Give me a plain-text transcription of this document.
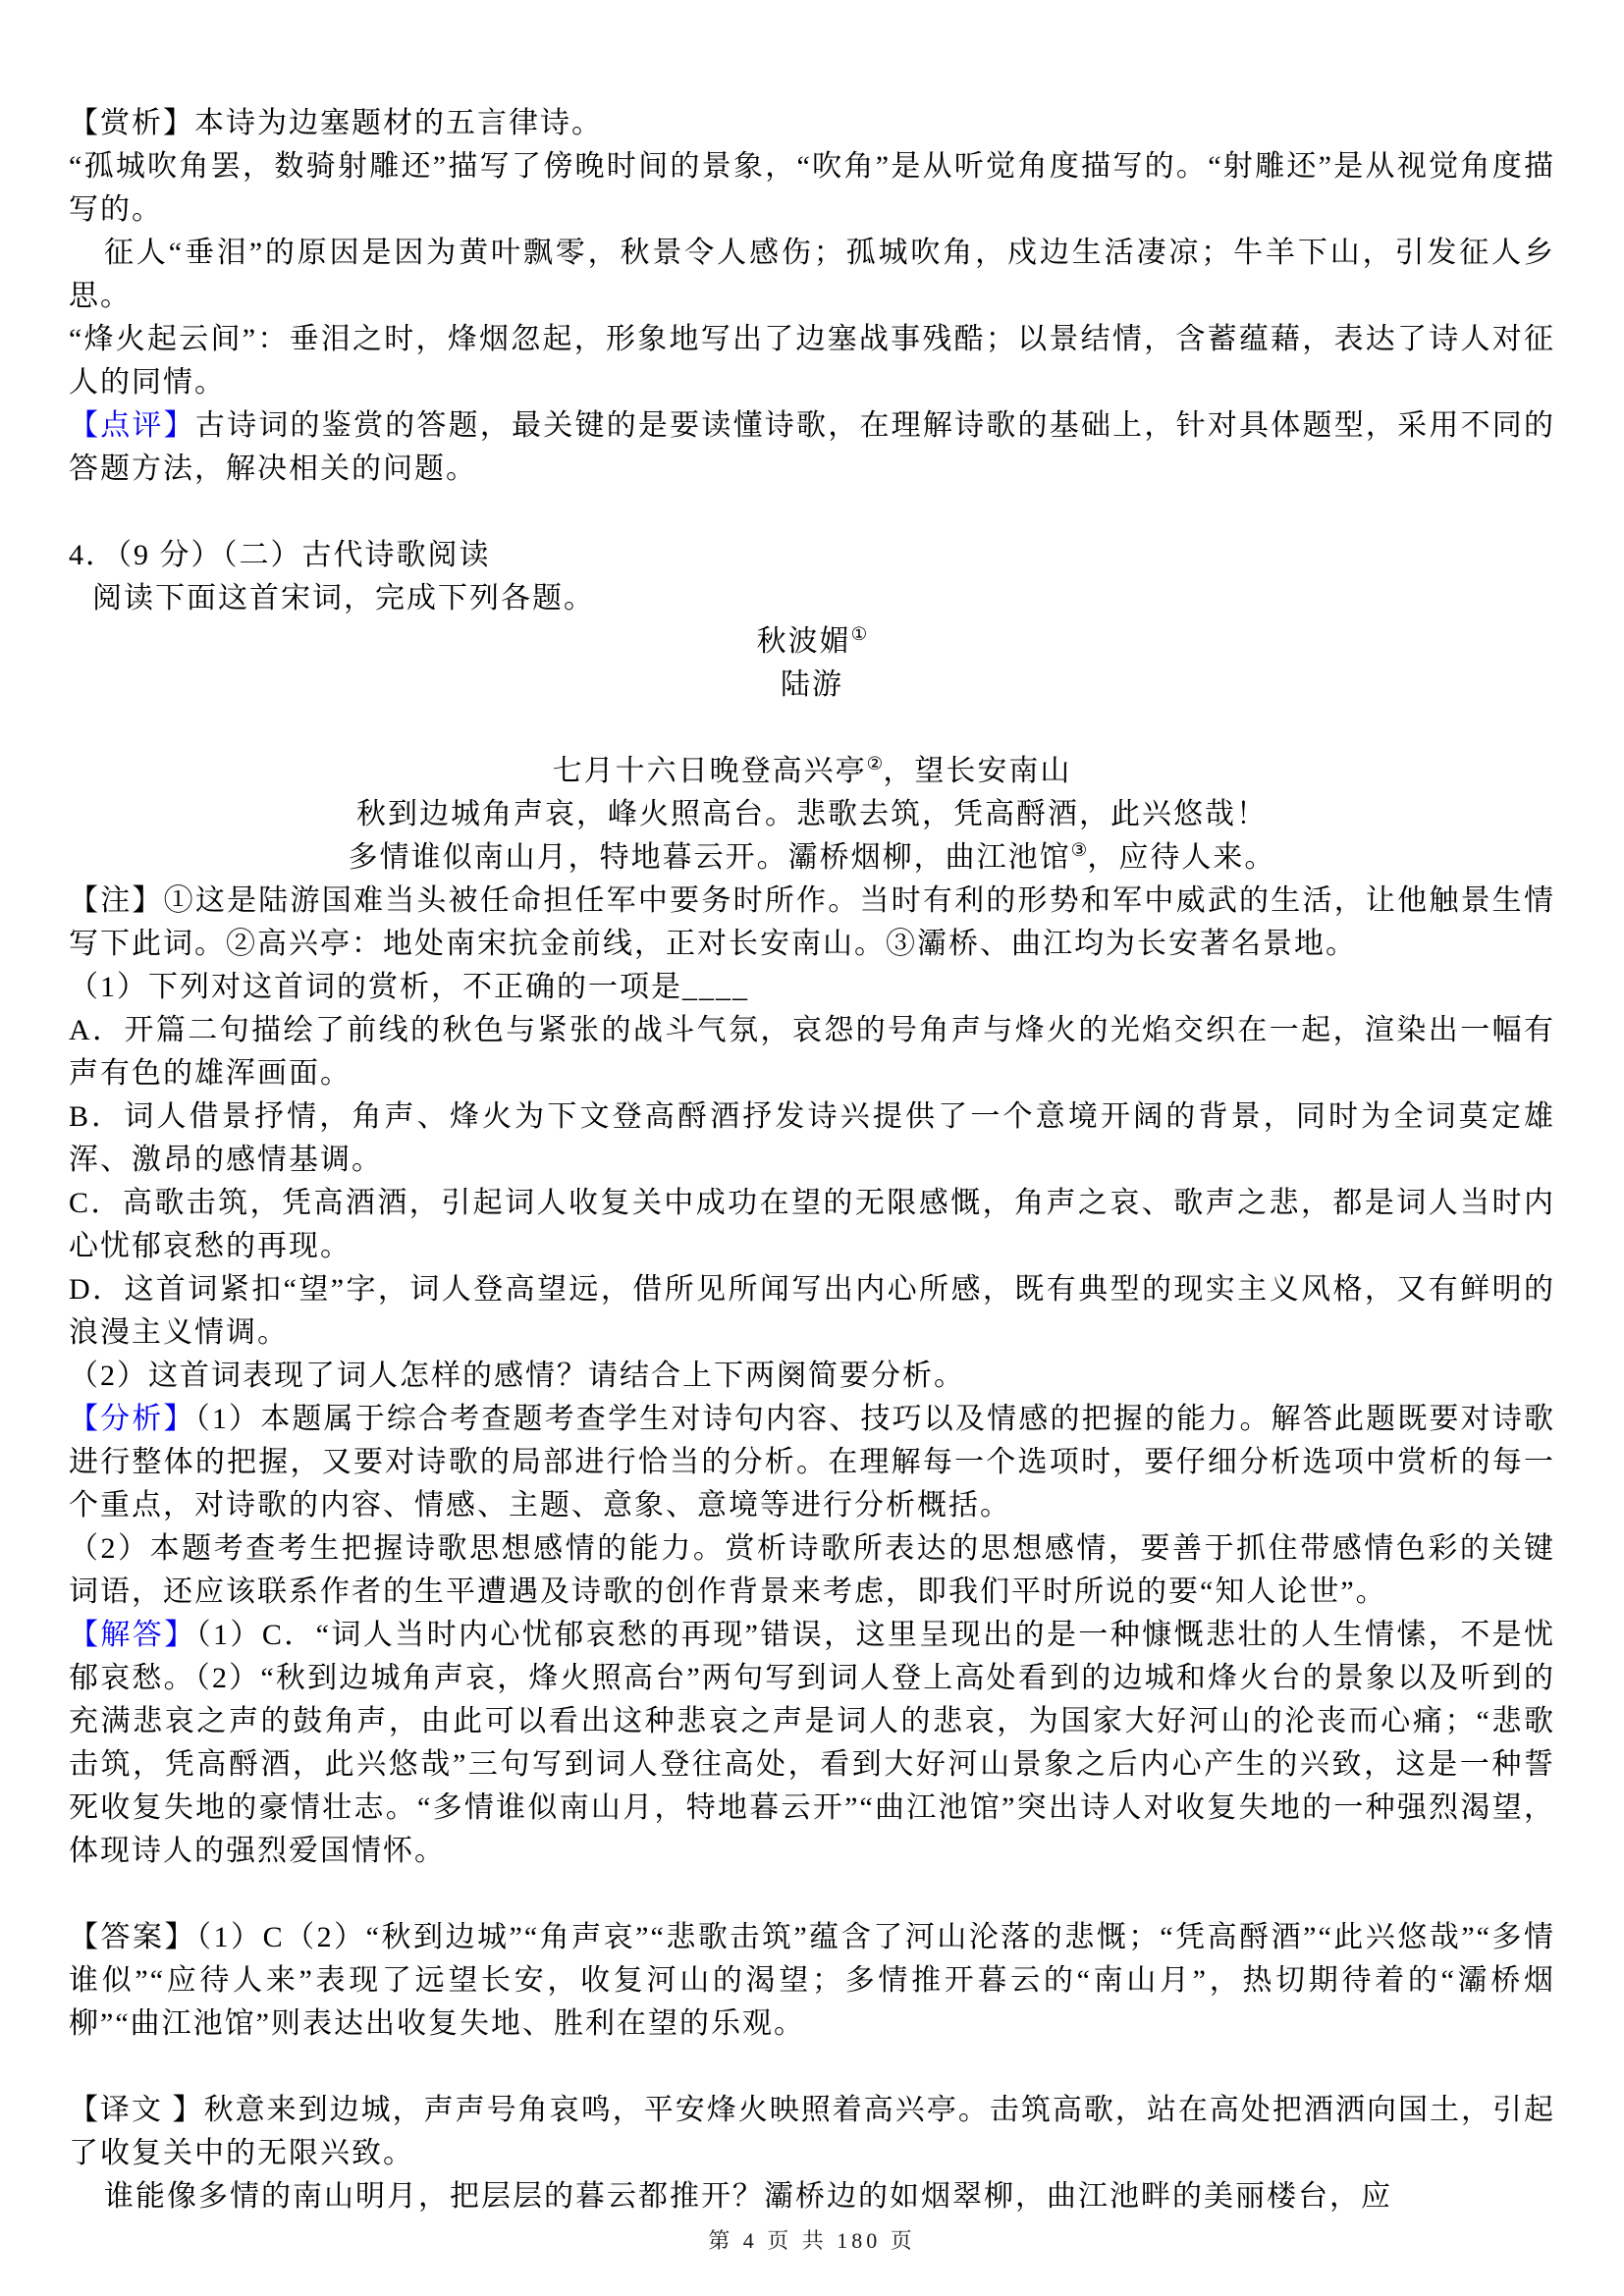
【赏析】本诗为边塞题材的五言律诗。

“孤城吹角罢，数骑射雕还”描写了傍晚时间的景象，“吹角”是从听觉角度描写的。“射雕还”是从视觉角度描写的。

征人“垂泪”的原因是因为黄叶飘零，秋景令人感伤；孤城吹角，戍边生活凄凉；牛羊下山，引发征人乡思。

“烽火起云间”：垂泪之时，烽烟忽起，形象地写出了边塞战事残酷；以景结情，含蓄蕴藉，表达了诗人对征人的同情。

【点评】古诗词的鉴赏的答题，最关键的是要读懂诗歌，在理解诗歌的基础上，针对具体题型，采用不同的答题方法，解决相关的问题。

4．（9 分）（二）古代诗歌阅读

阅读下面这首宋词，完成下列各题。

秋波媚①

陆游

七月十六日晚登高兴亭②，望长安南山

秋到边城角声哀，峰火照高台。悲歌去筑，凭高酹酒，此兴悠哉！

多情谁似南山月，特地暮云开。灞桥烟柳，曲江池馆③，应待人来。

【注】①这是陆游国难当头被任命担任军中要务时所作。当时有利的形势和军中威武的生活，让他触景生情写下此词。②高兴亭：地处南宋抗金前线，正对长安南山。③灞桥、曲江均为长安著名景地。

（1）下列对这首词的赏析，不正确的一项是____

A．开篇二句描绘了前线的秋色与紧张的战斗气氛，哀怨的号角声与烽火的光焰交织在一起，渲染出一幅有声有色的雄浑画面。

B．词人借景抒情，角声、烽火为下文登高酹酒抒发诗兴提供了一个意境开阔的背景，同时为全词莫定雄浑、激昂的感情基调。

C．高歌击筑，凭高酒酒，引起词人收复关中成功在望的无限感慨，角声之哀、歌声之悲，都是词人当时内心忧郁哀愁的再现。

D．这首词紧扣“望”字，词人登高望远，借所见所闻写出内心所感，既有典型的现实主义风格，又有鲜明的浪漫主义情调。

（2）这首词表现了词人怎样的感情？请结合上下两阕简要分析。

【分析】（1）本题属于综合考查题考查学生对诗句内容、技巧以及情感的把握的能力。解答此题既要对诗歌进行整体的把握，又要对诗歌的局部进行恰当的分析。在理解每一个选项时，要仔细分析选项中赏析的每一个重点，对诗歌的内容、情感、主题、意象、意境等进行分析概括。

（2）本题考查考生把握诗歌思想感情的能力。赏析诗歌所表达的思想感情，要善于抓住带感情色彩的关键词语，还应该联系作者的生平遭遇及诗歌的创作背景来考虑，即我们平时所说的要“知人论世”。

【解答】（1）C．“词人当时内心忧郁哀愁的再现”错误，这里呈现出的是一种慷慨悲壮的人生情愫，不是忧郁哀愁。（2）“秋到边城角声哀，烽火照高台”两句写到词人登上高处看到的边城和烽火台的景象以及听到的充满悲哀之声的鼓角声，由此可以看出这种悲哀之声是词人的悲哀，为国家大好河山的沦丧而心痛；“悲歌击筑，凭高酹酒，此兴悠哉”三句写到词人登往高处，看到大好河山景象之后内心产生的兴致，这是一种誓死收复失地的豪情壮志。“多情谁似南山月，特地暮云开”“曲江池馆”突出诗人对收复失地的一种强烈渴望，体现诗人的强烈爱国情怀。

【答案】（1）C（2）“秋到边城”“角声哀”“悲歌击筑”蕴含了河山沦落的悲慨；“凭高酹酒”“此兴悠哉”“多情谁似”“应待人来”表现了远望长安，收复河山的渴望；多情推开暮云的“南山月”，热切期待着的“灞桥烟柳”“曲江池馆”则表达出收复失地、胜利在望的乐观。

【译文 】秋意来到边城，声声号角哀鸣，平安烽火映照着高兴亭。击筑高歌，站在高处把酒洒向国土，引起了收复关中的无限兴致。

谁能像多情的南山明月，把层层的暮云都推开？灞桥边的如烟翠柳，曲江池畔的美丽楼台，应

第 4 页 共 180 页
